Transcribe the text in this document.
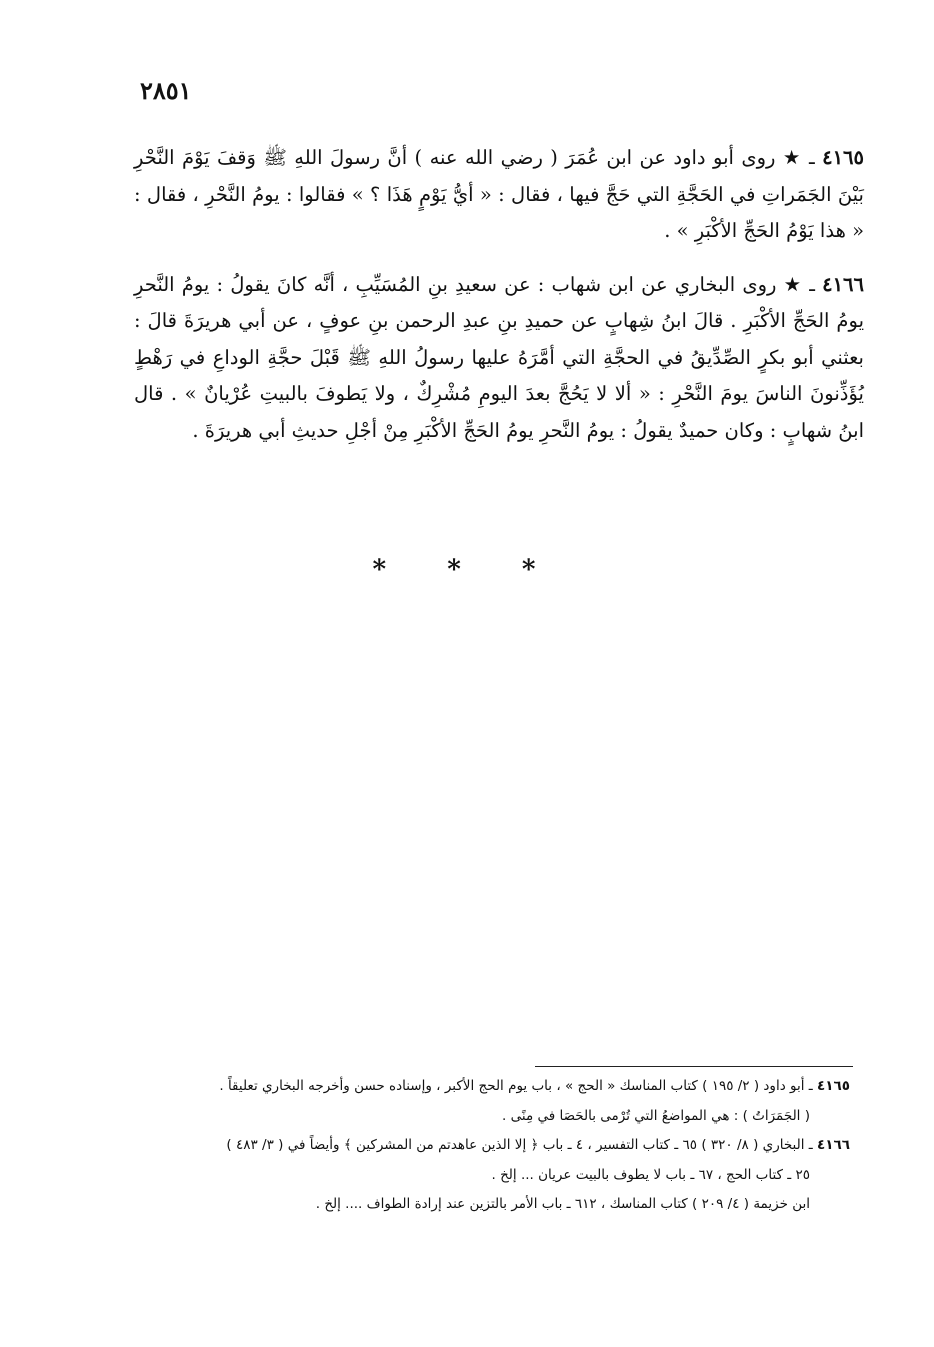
٢٨٥١

٤١٦٥ ـ ★ روى أبو داود عن ابن عُمَرَ ( رضي الله عنه ) أنَّ رسولَ اللهِ ﷺ وَقفَ يَوْمَ النَّحْرِ بَيْنَ الجَمَراتِ في الحَجَّةِ التي حَجَّ فيها ، فقال : « أيُّ يَوْمٍ هَذَا ؟ » فقالوا : يومُ النَّحْرِ ، فقال : « هذا يَوْمُ الحَجِّ الأكْبَرِ » .

٤١٦٦ ـ ★ روى البخاري عن ابن شهاب : عن سعيدِ بنِ المُسَيِّبِ ، أنَّه كانَ يقولُ : يومُ النَّحرِ يومُ الحَجِّ الأكْبَرِ . قالَ ابنُ شِهابٍ عن حميدِ بنِ عبدِ الرحمن بنِ عوفٍ ، عن أبي هريرَةَ قالَ : بعثني أبو بكرٍ الصِّدِّيقُ في الحجَّةِ التي أمَّرَهُ عليها رسولُ اللهِ ﷺ قَبْلَ حجَّةِ الوداعِ في رَهْطٍ يُؤَذِّنونَ الناسَ يومَ النَّحْرِ : « ألا لا يَحُجَّ بعدَ اليومِ مُشْرِكٌ ، ولا يَطوفَ بالبيتِ عُرْيانٌ » . قال ابنُ شهابٍ : وكان حميدٌ يقولُ : يومُ النَّحرِ يومُ الحَجِّ الأكْبَرِ مِنْ أجْلِ حديثِ أبي هريرَةَ .

* * *
٤١٦٥ ـ أبو داود ( ٢/ ١٩٥ ) كتاب المناسك « الحج » ، باب يوم الحج الأكبر ، وإسناده حسن وأخرجه البخاري تعليقاً .
( الجَمَرَاتُ ) : هي المواضعُ التي تُرْمى بالحَصَا في مِنًى .
٤١٦٦ ـ البخاري ( ٨/ ٣٢٠ ) ٦٥ ـ كتاب التفسير ، ٤ ـ باب ﴿ إلا الذين عاهدتم من المشركين ﴾ وأيضاً في ( ٣/ ٤٨٣ )
٢٥ ـ كتاب الحج ، ٦٧ ـ باب لا يطوف بالبيت عريان ... إلخ .
ابن خزيمة ( ٤/ ٢٠٩ ) كتاب المناسك ، ٦١٢ ـ باب الأمر بالتزين عند إرادة الطواف .... إلخ .
